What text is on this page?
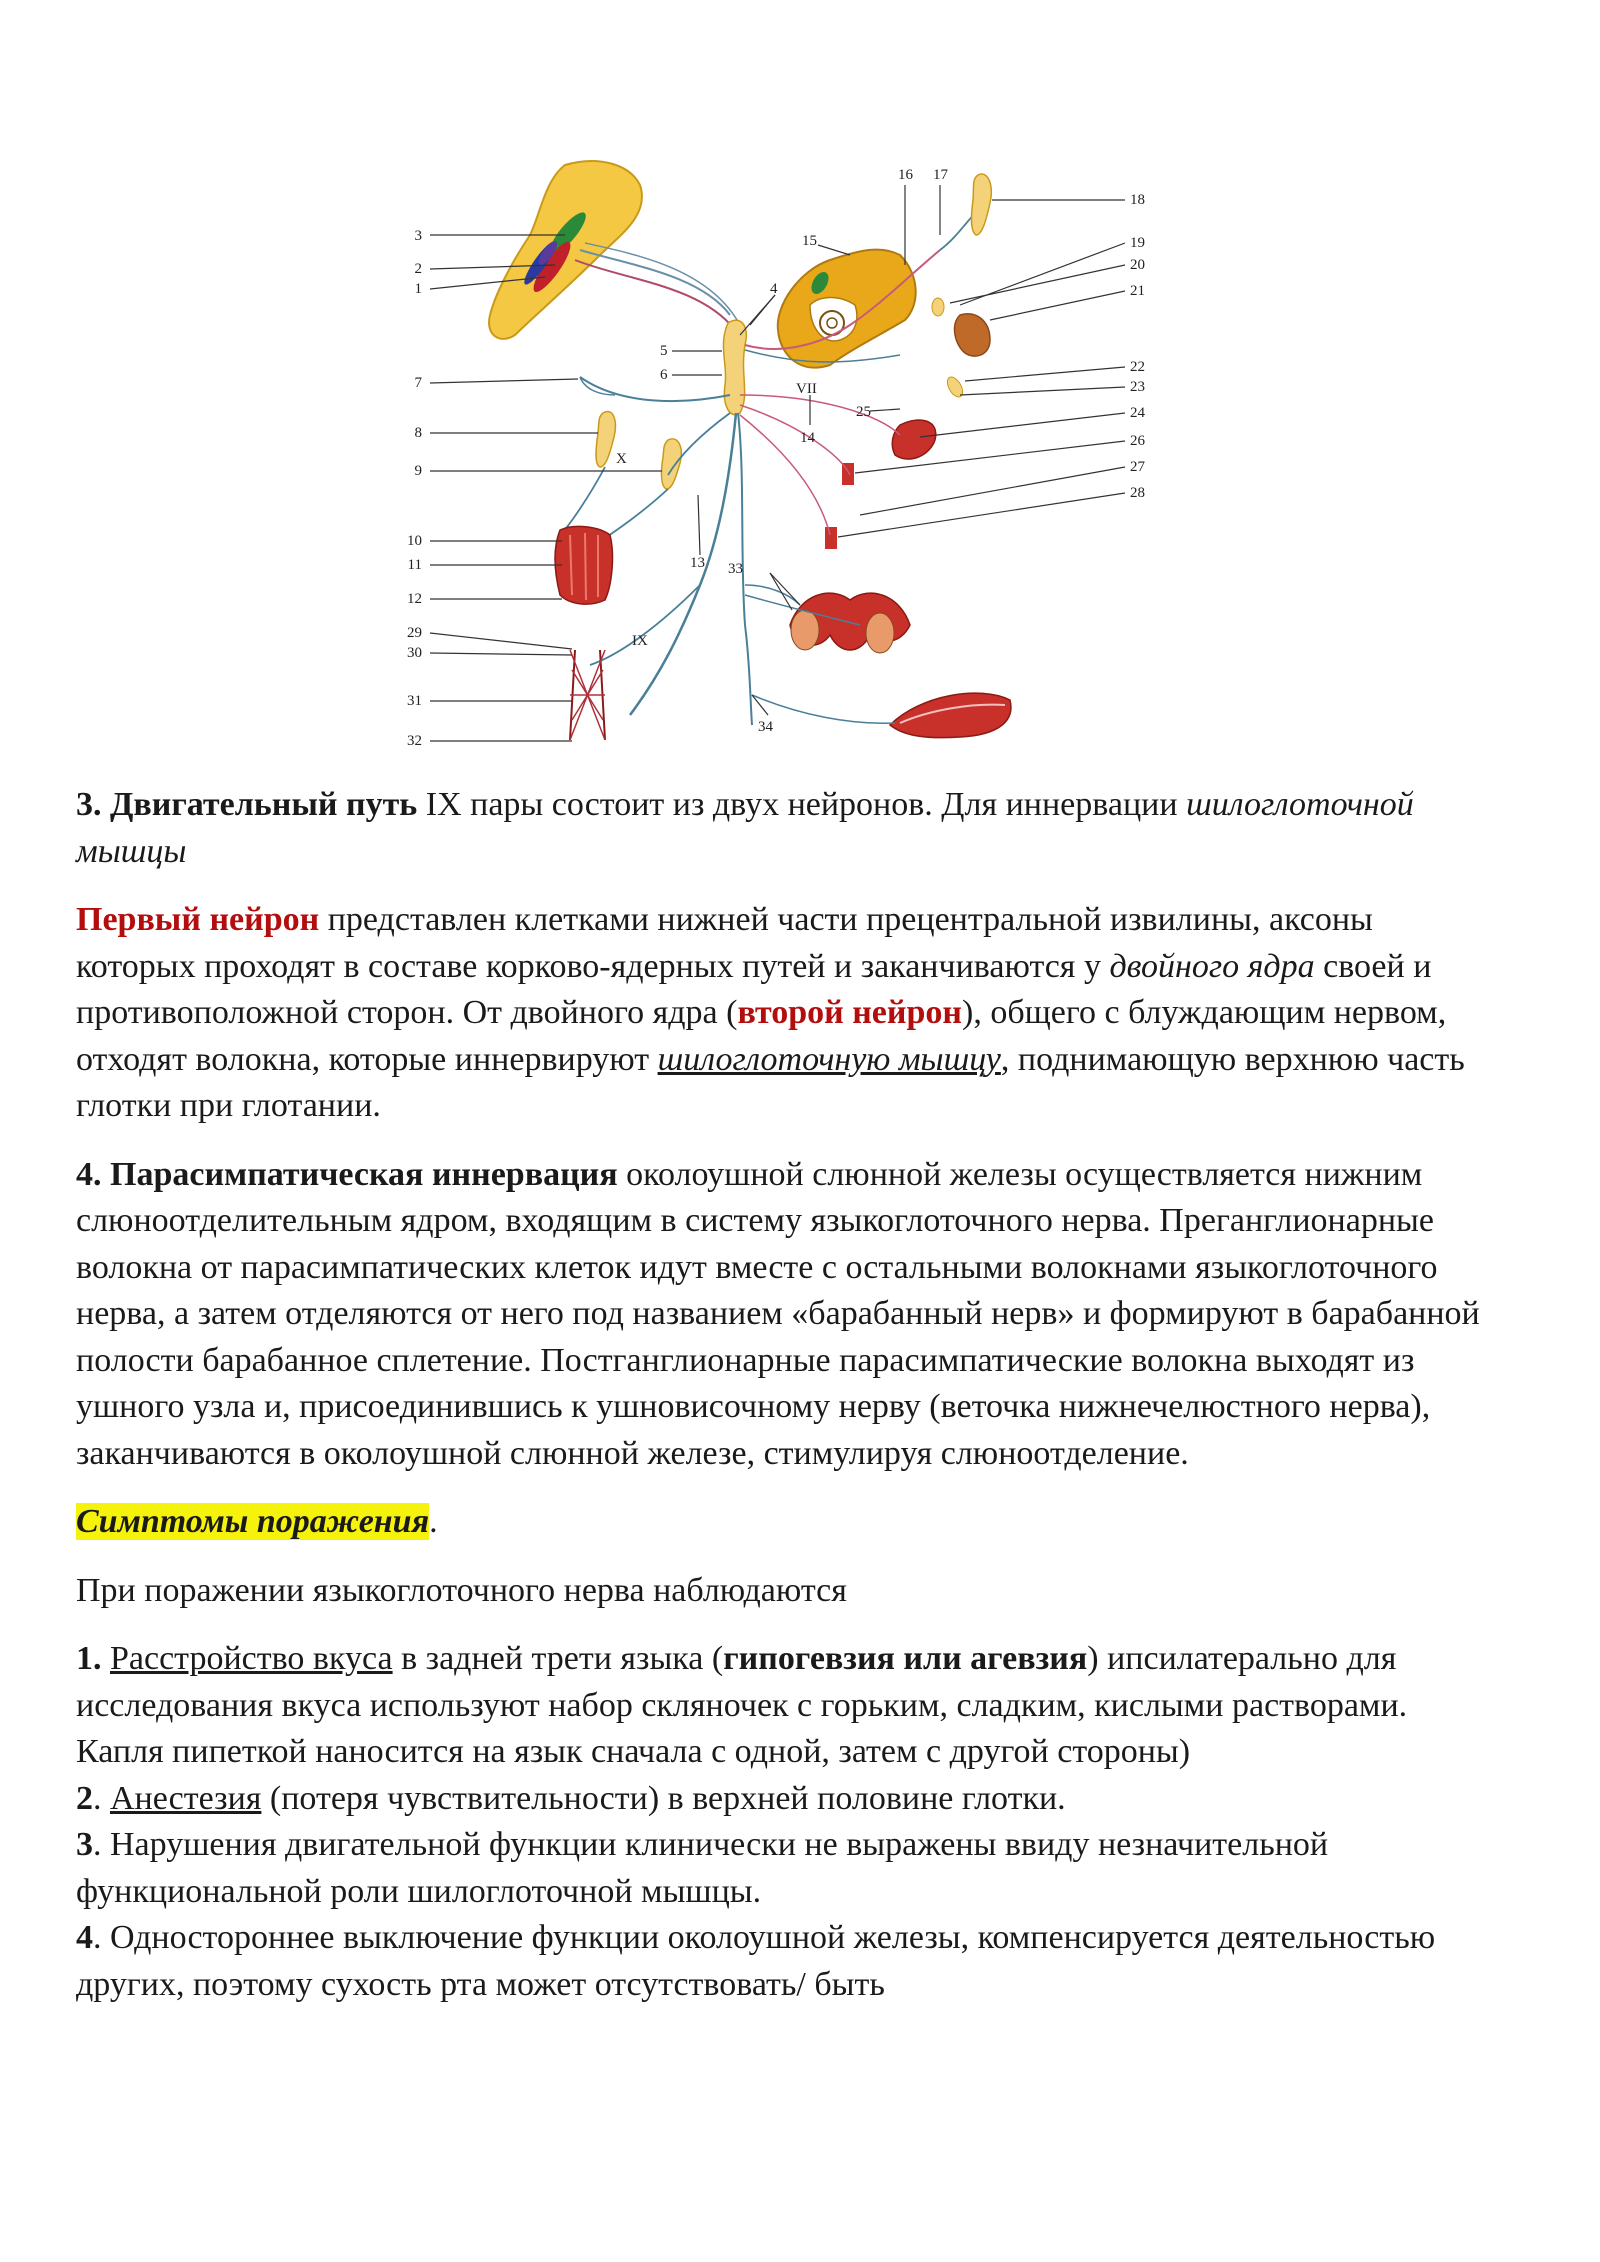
3
2
1
7
8
9
10
11
12
29
30
31
32
18
19
20
21
22
23
24
26
27
28
16 17
15
4
5
6
VII
14
25
X
13 33
IX
34

3. Двигательный путь IX пары состоит из двух нейронов. Для иннервации шилоглоточной мышцы

Первый нейрон представлен клетками нижней части прецентральной извилины, аксоны которых проходят в составе корково-ядерных путей и заканчиваются у двойного ядра своей и противоположной сторон. От двойного ядра (второй нейрон), общего с блуждающим нервом, отходят волокна, которые иннервируют шилоглоточную мышцу, поднимающую верхнюю часть глотки при глотании.

4. Парасимпатическая иннервация околоушной слюнной железы осуществляется нижним слюноотделительным ядром, входящим в систему языкоглоточного нерва. Преганглионарные волокна от парасимпатических клеток идут вместе с остальными волокнами языкоглоточного нерва, а затем отделяются от него под названием «барабанный нерв» и формируют в барабанной полости барабанное сплетение. Постганглионарные парасимпатические волокна выходят из ушного узла и, присоединившись к ушновисочному нерву (веточка нижнечелюстного нерва), заканчиваются в околоушной слюнной железе, стимулируя слюноотделение.

Симптомы поражения.

При поражении языкоглоточного нерва наблюдаются

1. Расстройство вкуса в задней трети языка (гипогевзия или агевзия) ипсилатерально для исследования вкуса используют набор скляночек с горьким, сладким, кислыми растворами. Капля пипеткой наносится на язык сначала с одной, затем с другой стороны)

2. Анестезия (потеря чувствительности) в верхней половине глотки.

3. Нарушения двигательной функции клинически не выражены ввиду незначительной функциональной роли шилоглоточной мышцы.

4. Одностороннее выключение функции околоушной железы, компенсируется деятельностью других, поэтому сухость рта может отсутствовать/ быть
